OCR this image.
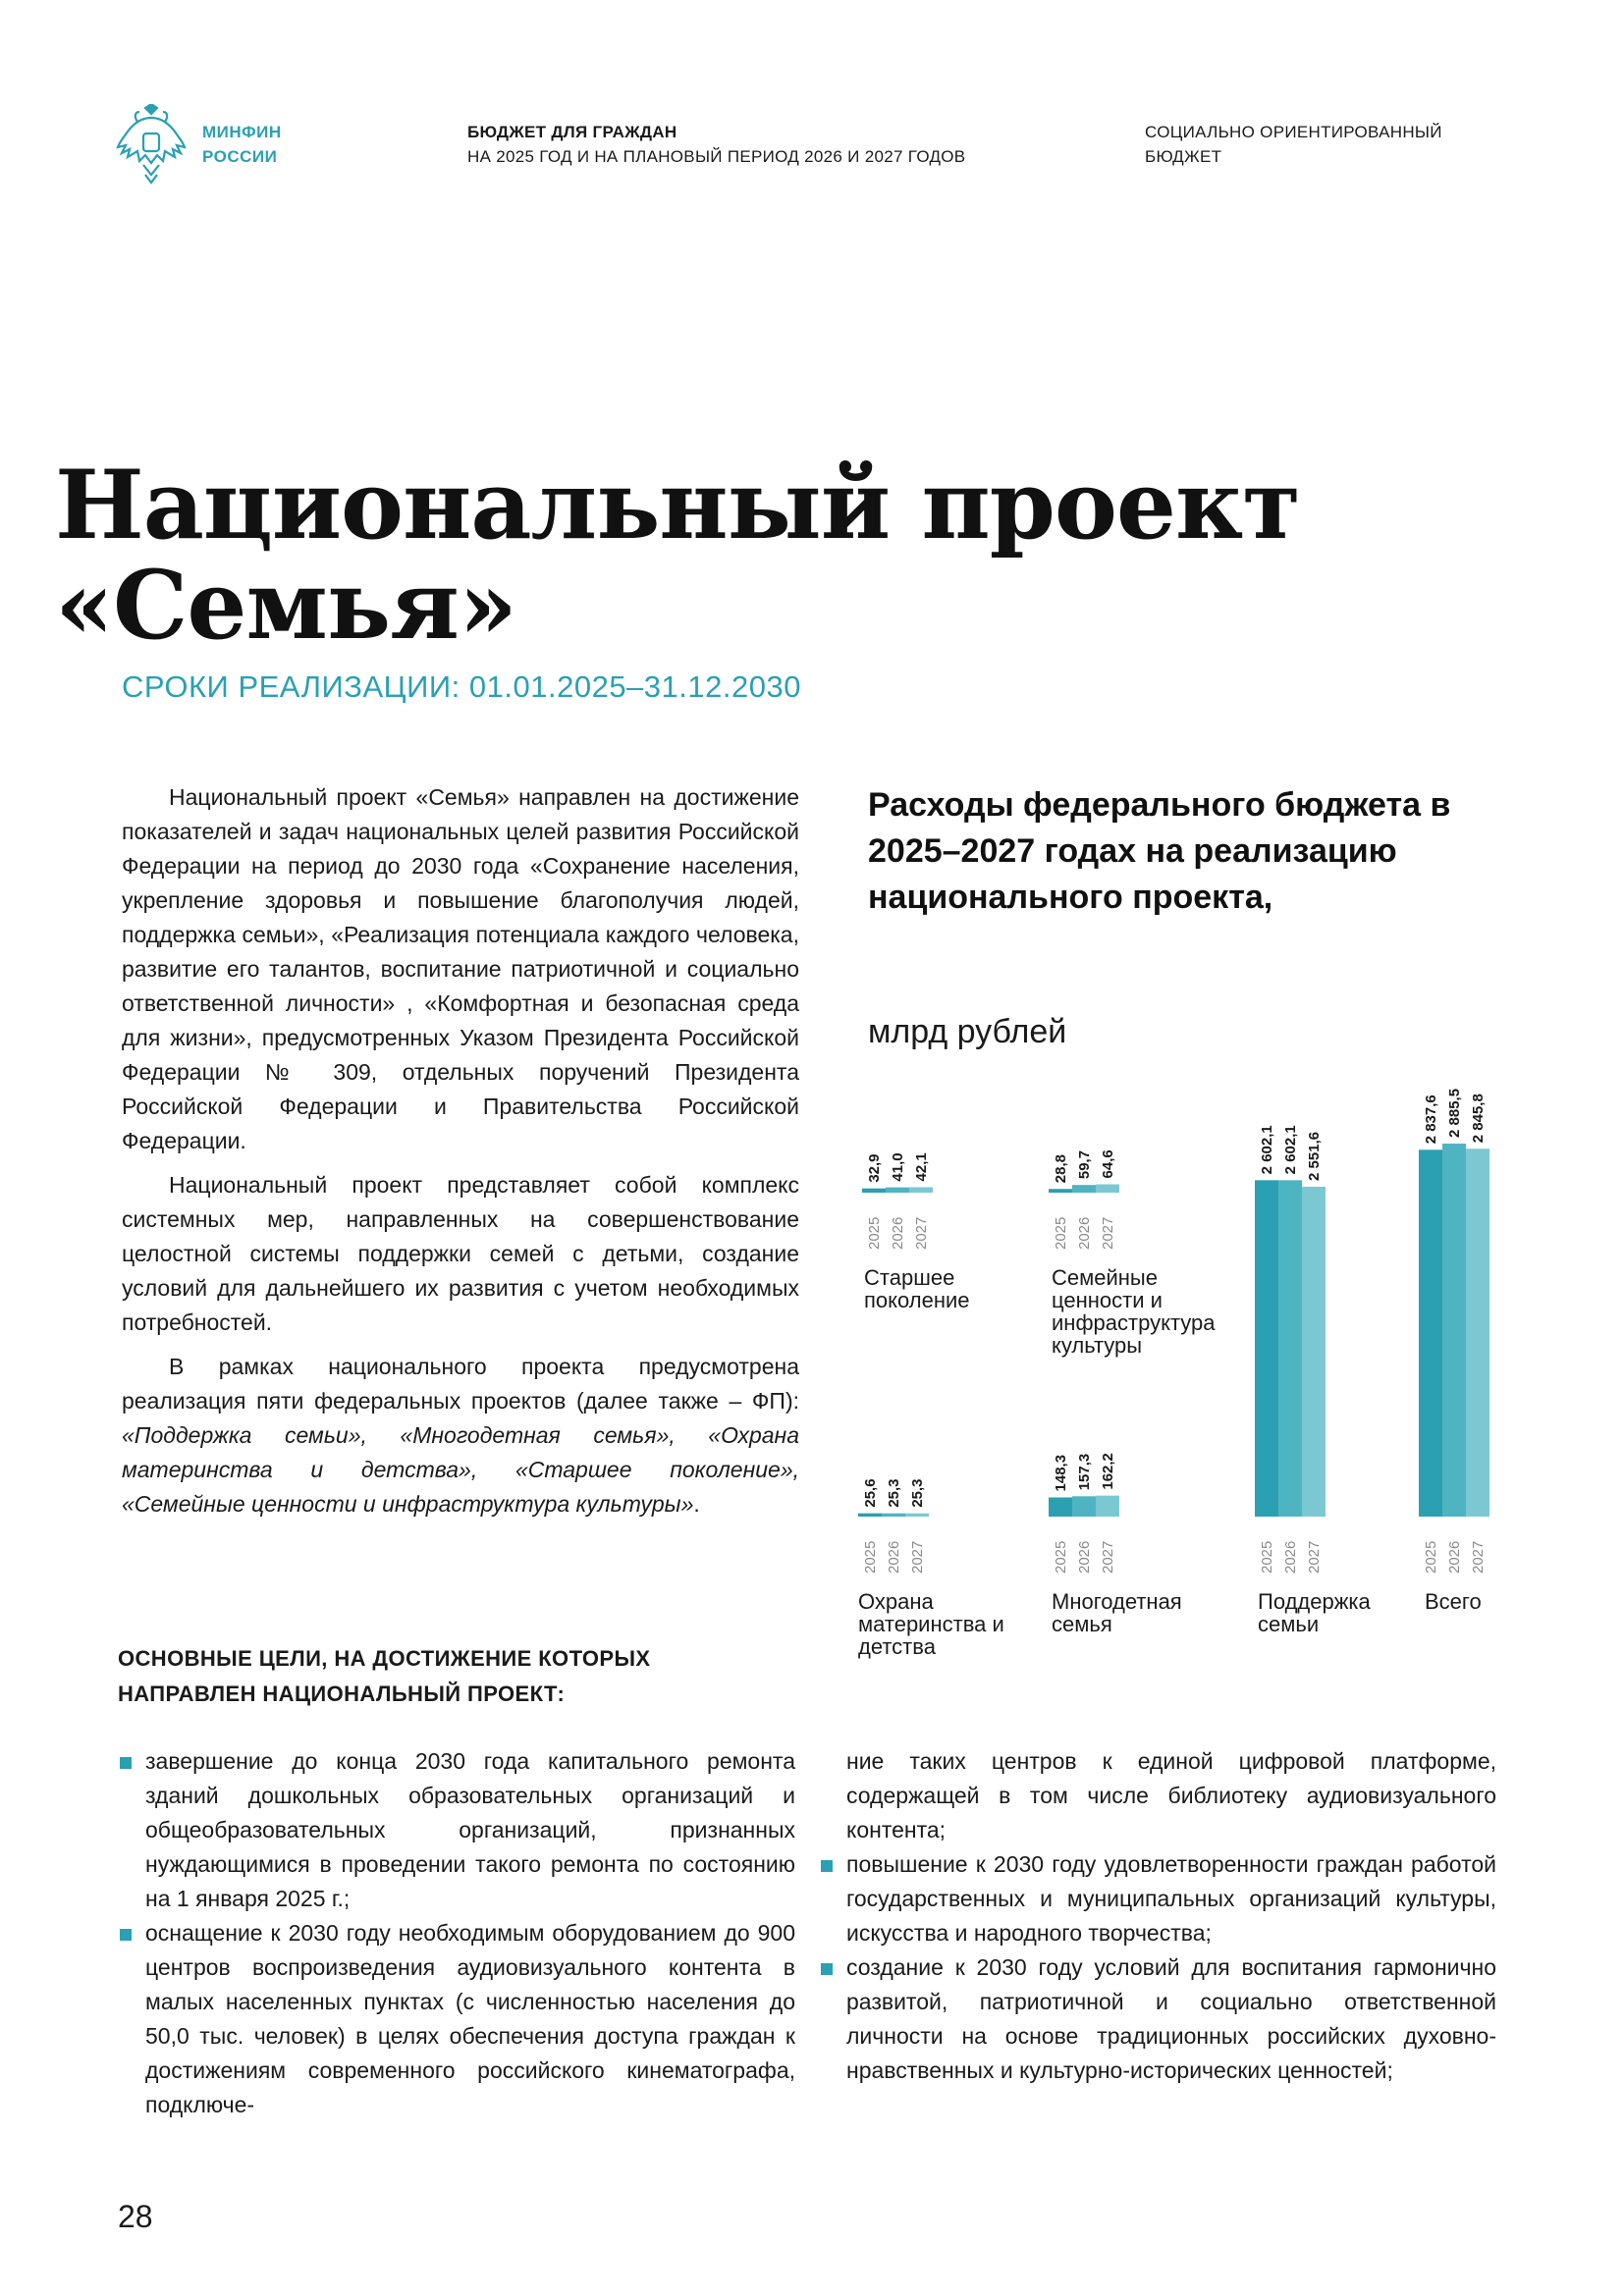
МИНФИН
РОССИИ
БЮДЖЕТ ДЛЯ ГРАЖДАН
НА 2025 ГОД И НА ПЛАНОВЫЙ ПЕРИОД 2026 И 2027 ГОДОВ
СОЦИАЛЬНО ОРИЕНТИРОВАННЫЙ
БЮДЖЕТ
Национальный проект
«Семья»
СРОКИ РЕАЛИЗАЦИИ: 01.01.2025–31.12.2030

Национальный проект «Семья» направлен на достижение показателей и задач национальных целей развития Российской Федерации на период до 2030 года «Сохранение населения, укрепление здоровья и повышение благополучия людей, поддержка семьи», «Реализация потенциала каждого человека, развитие его талантов, воспитание патриотичной и социально ответственной личности» , «Комфортная и безопасная среда для жизни», предусмотренных Указом Президента Российской Федерации № 309, отдельных поручений Президента Российской Федерации и Правительства Российской Федерации.

Национальный проект представляет собой комплекс системных мер, направленных на совершенствование целостной системы поддержки семей с детьми, создание условий для дальнейшего их развития с учетом необходимых потребностей.

В рамках национального проекта предусмотрена реализация пяти федеральных проектов (далее также – ФП): «Поддержка семьи», «Многодетная семья», «Охрана материнства и детства», «Старшее поколение», «Семейные ценности и инфраструктура культуры».

Расходы федерального бюджета в 2025–2027 годах на реализацию национального проекта,
млрд рублей
32,9
2025
41,0
2026
42,1
2027
28,8
2025
59,7
2026
64,6
2027
25,6
2025
25,3
2026
25,3
2027
148,3
2025
157,3
2026
162,2
2027
2 602,1
2025
2 602,1
2026
2 551,6
2027
2 837,6
2025
2 885,5
2026
2 845,8
2027
ОСНОВНЫЕ ЦЕЛИ, НА ДОСТИЖЕНИЕ КОТОРЫХ
НАПРАВЛЕН НАЦИОНАЛЬНЫЙ ПРОЕКТ:
завершение до конца 2030 года капитального ремонта зданий дошкольных образовательных организаций и общеобразовательных организаций, признанных нуждающимися в проведении такого ремонта по состоянию на 1 января 2025 г.;
оснащение к 2030 году необходимым оборудованием до 900 центров воспроизведения аудиовизуального контента в малых населенных пунктах (с численностью населения до 50,0 тыс. человек) в целях обеспечения доступа граждан к достижениям современного российского кинематографа, подключе-
ние таких центров к единой цифровой платформе, содержащей в том числе библиотеку аудиовизуального контента;
повышение к 2030 году удовлетворенности граждан работой государственных и муниципальных организаций культуры, искусства и народного творчества;
создание к 2030 году условий для воспитания гармонично развитой, патриотичной и социально ответственной личности на основе традиционных российских духовно-нравственных и культурно-исторических ценностей;
28
Старшее поколение
Семейные ценности и инфраструктура культуры
Охрана материнства и детства
Многодетная семья
Поддержка семьи
Всего
